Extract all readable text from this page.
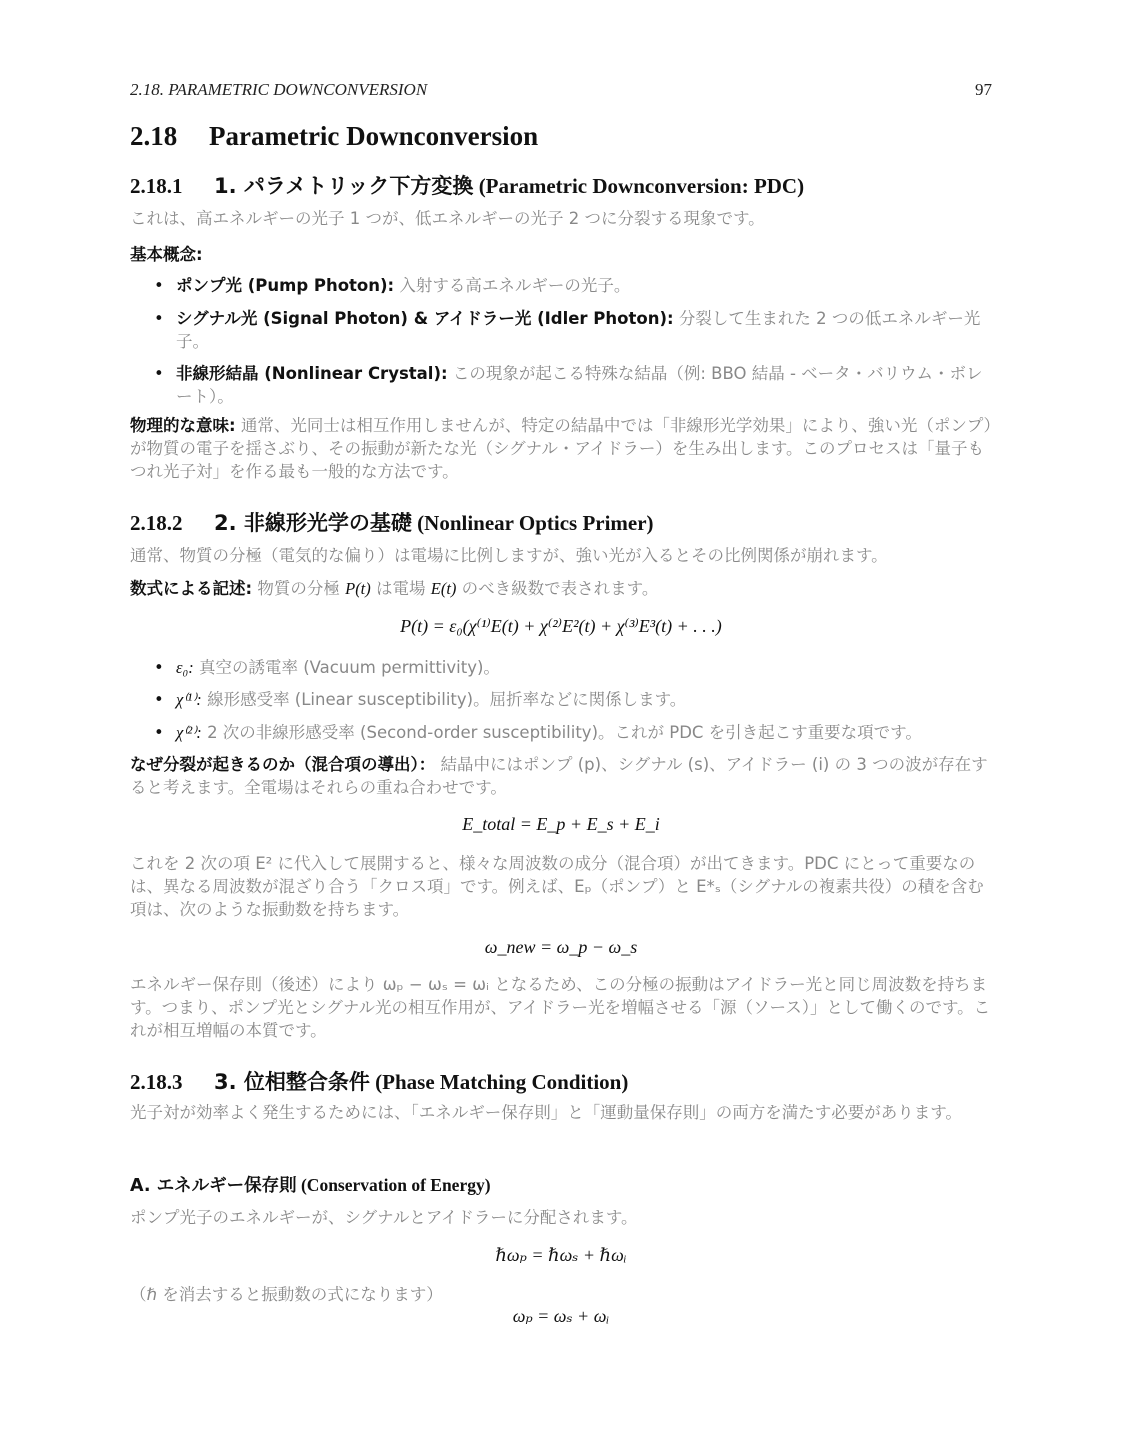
2.18. PARAMETRIC DOWNCONVERSION	97
2.18 Parametric Downconversion
2.18.1 1. パラメトリック下方変換 (Parametric Downconversion: PDC)
これは、高エネルギーの光子 1 つが、低エネルギーの光子 2 つに分裂する現象です。
基本概念:
• ポンプ光 (Pump Photon): 入射する高エネルギーの光子。
• シグナル光 (Signal Photon) & アイドラー光 (Idler Photon): 分裂して生まれた 2 つの低エネルギー光子。
• 非線形結晶 (Nonlinear Crystal): この現象が起こる特殊な結晶（例: BBO 結晶 - ベータ・バリウム・ボレート）。
物理的な意味: 通常、光同士は相互作用しませんが、特定の結晶中では「非線形光学効果」により、強い光（ポンプ）が物質の電子を揺さぶり、その振動が新たな光（シグナル・アイドラー）を生み出します。このプロセスは「量子もつれ光子対」を作る最も一般的な方法です。
2.18.2 2. 非線形光学の基礎 (Nonlinear Optics Primer)
通常、物質の分極（電気的な偏り）は電場に比例しますが、強い光が入るとその比例関係が崩れます。
数式による記述: 物質の分極 P(t) は電場 E(t) のべき級数で表されます。
P(t) = ε₀(χ⁽¹⁾E(t) + χ⁽²⁾E²(t) + χ⁽³⁾E³(t) + . . .)
• ε₀: 真空の誘電率 (Vacuum permittivity)。
• χ⁽¹⁾: 線形感受率 (Linear susceptibility)。屈折率などに関係します。
• χ⁽²⁾: 2 次の非線形感受率 (Second-order susceptibility)。これが PDC を引き起こす重要な項です。
なぜ分裂が起きるのか（混合項の導出）： 結晶中にはポンプ (p)、シグナル (s)、アイドラー (i) の 3 つの波が存在すると考えます。全電場はそれらの重ね合わせです。
E_total = E_p + E_s + E_i
これを 2 次の項 E² に代入して展開すると、様々な周波数の成分（混合項）が出てきます。PDC にとって重要なのは、異なる周波数が混ざり合う「クロス項」です。例えば、Eₚ（ポンプ）と E*ₛ（シグナルの複素共役）の積を含む項は、次のような振動数を持ちます。
ω_new = ω_p − ω_s
エネルギー保存則（後述）により ωₚ − ωₛ = ωᵢ となるため、この分極の振動はアイドラー光と同じ周波数を持ちます。つまり、ポンプ光とシグナル光の相互作用が、アイドラー光を増幅させる「源（ソース）」として働くのです。これが相互増幅の本質です。
2.18.3 3. 位相整合条件 (Phase Matching Condition)
光子対が効率よく発生するためには、「エネルギー保存則」と「運動量保存則」の両方を満たす必要があります。
A. エネルギー保存則 (Conservation of Energy)
ポンプ光子のエネルギーが、シグナルとアイドラーに分配されます。
ℏωₚ = ℏωₛ + ℏωᵢ
（ℏ を消去すると振動数の式になります）
ωₚ = ωₛ + ωᵢ
